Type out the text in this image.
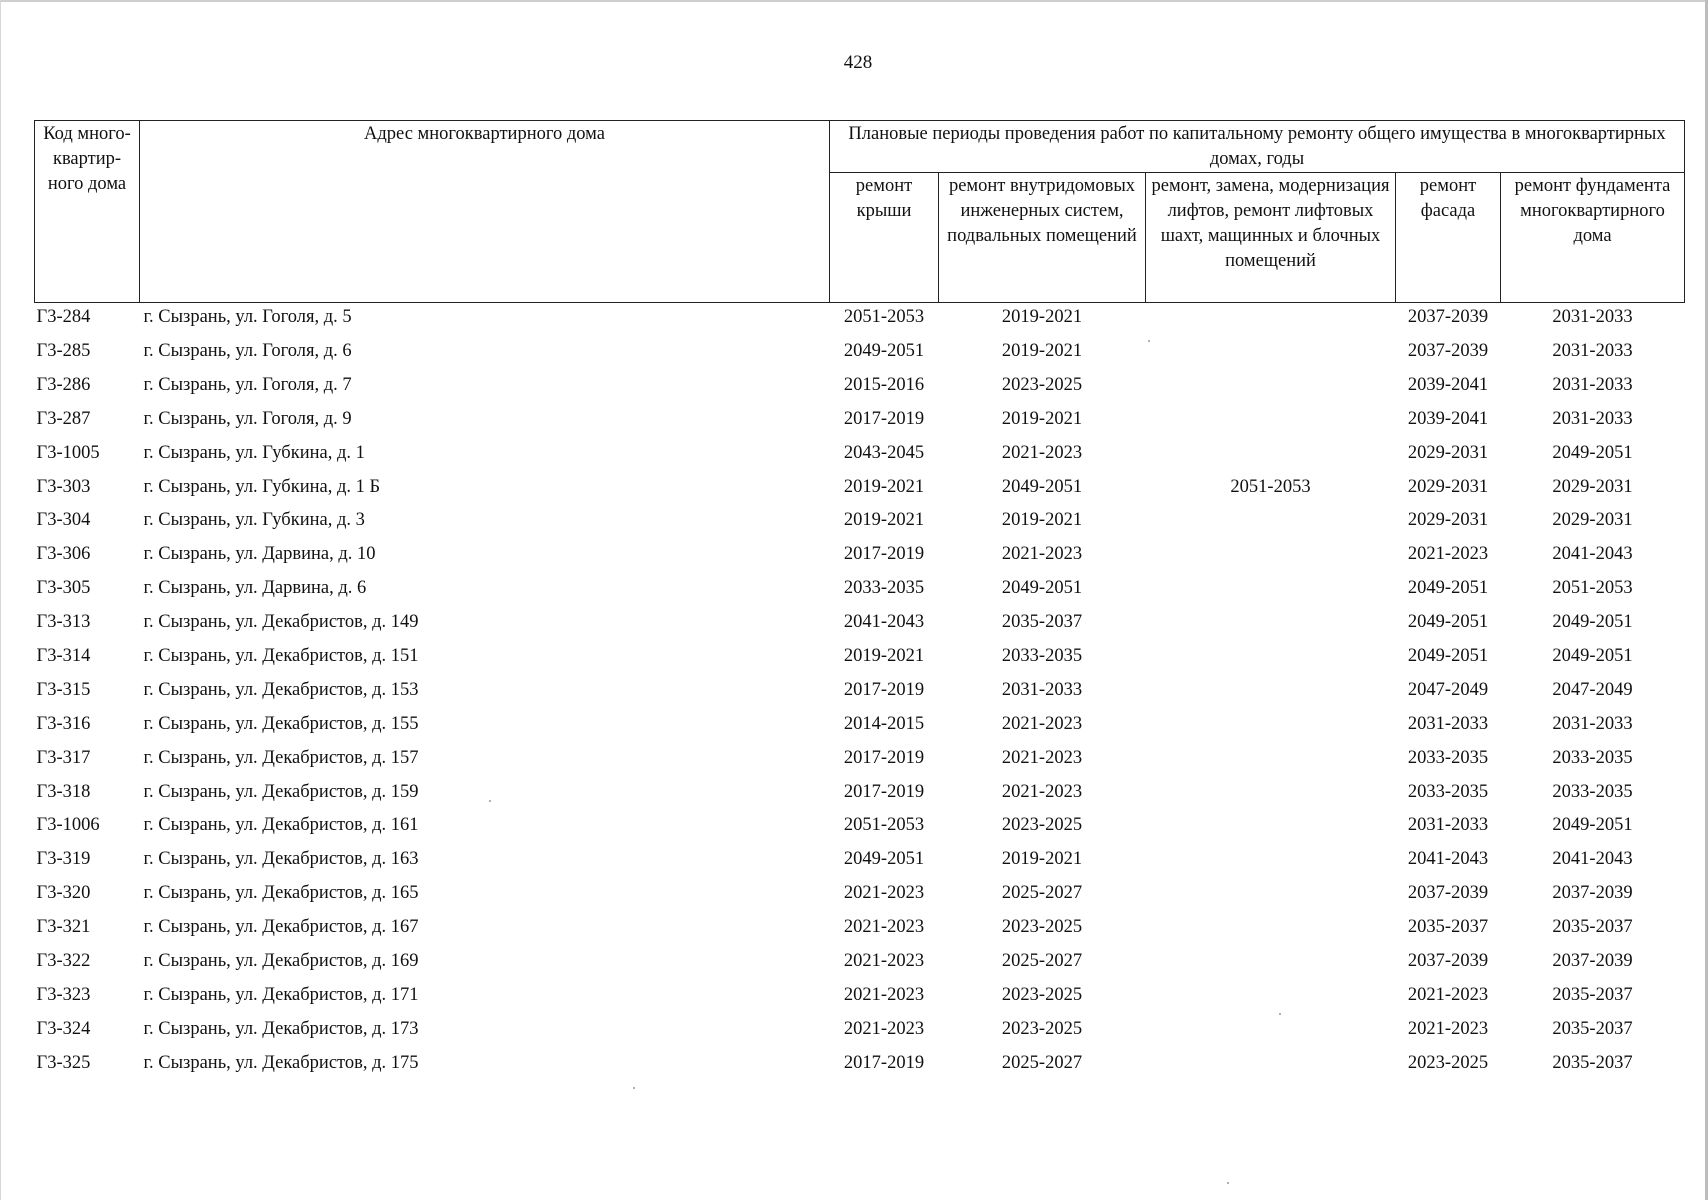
428
Код много-квартир-ного дома	Адрес многоквартирного дома	Плановые периоды проведения работ по капитальному ремонту общего имущества в многоквартирных домах, годы				
		ремонт крыши	ремонт внутридомовых инженерных систем, подвальных помещений	ремонт, замена, модернизация лифтов, ремонт лифтовых шахт, мащинных и блочных помещений	ремонт фасада	ремонт фундамента многоквартирного дома
Г3-284	г. Сызрань, ул. Гоголя, д. 5	2051-2053	2019-2021		2037-2039	2031-2033
Г3-285	г. Сызрань, ул. Гоголя, д. 6	2049-2051	2019-2021		2037-2039	2031-2033
Г3-286	г. Сызрань, ул. Гоголя, д. 7	2015-2016	2023-2025		2039-2041	2031-2033
Г3-287	г. Сызрань, ул. Гоголя, д. 9	2017-2019	2019-2021		2039-2041	2031-2033
Г3-1005	г. Сызрань, ул. Губкина, д. 1	2043-2045	2021-2023		2029-2031	2049-2051
Г3-303	г. Сызрань, ул. Губкина, д. 1 Б	2019-2021	2049-2051	2051-2053	2029-2031	2029-2031
Г3-304	г. Сызрань, ул. Губкина, д. 3	2019-2021	2019-2021		2029-2031	2029-2031
Г3-306	г. Сызрань, ул. Дарвина, д. 10	2017-2019	2021-2023		2021-2023	2041-2043
Г3-305	г. Сызрань, ул. Дарвина, д. 6	2033-2035	2049-2051		2049-2051	2051-2053
Г3-313	г. Сызрань, ул. Декабристов, д. 149	2041-2043	2035-2037		2049-2051	2049-2051
Г3-314	г. Сызрань, ул. Декабристов, д. 151	2019-2021	2033-2035		2049-2051	2049-2051
Г3-315	г. Сызрань, ул. Декабристов, д. 153	2017-2019	2031-2033		2047-2049	2047-2049
Г3-316	г. Сызрань, ул. Декабристов, д. 155	2014-2015	2021-2023		2031-2033	2031-2033
Г3-317	г. Сызрань, ул. Декабристов, д. 157	2017-2019	2021-2023		2033-2035	2033-2035
Г3-318	г. Сызрань, ул. Декабристов, д. 159	2017-2019	2021-2023		2033-2035	2033-2035
Г3-1006	г. Сызрань, ул. Декабристов, д. 161	2051-2053	2023-2025		2031-2033	2049-2051
Г3-319	г. Сызрань, ул. Декабристов, д. 163	2049-2051	2019-2021		2041-2043	2041-2043
Г3-320	г. Сызрань, ул. Декабристов, д. 165	2021-2023	2025-2027		2037-2039	2037-2039
Г3-321	г. Сызрань, ул. Декабристов, д. 167	2021-2023	2023-2025		2035-2037	2035-2037
Г3-322	г. Сызрань, ул. Декабристов, д. 169	2021-2023	2025-2027		2037-2039	2037-2039
Г3-323	г. Сызрань, ул. Декабристов, д. 171	2021-2023	2023-2025		2021-2023	2035-2037
Г3-324	г. Сызрань, ул. Декабристов, д. 173	2021-2023	2023-2025		2021-2023	2035-2037
Г3-325	г. Сызрань, ул. Декабристов, д. 175	2017-2019	2025-2027		2023-2025	2035-2037
